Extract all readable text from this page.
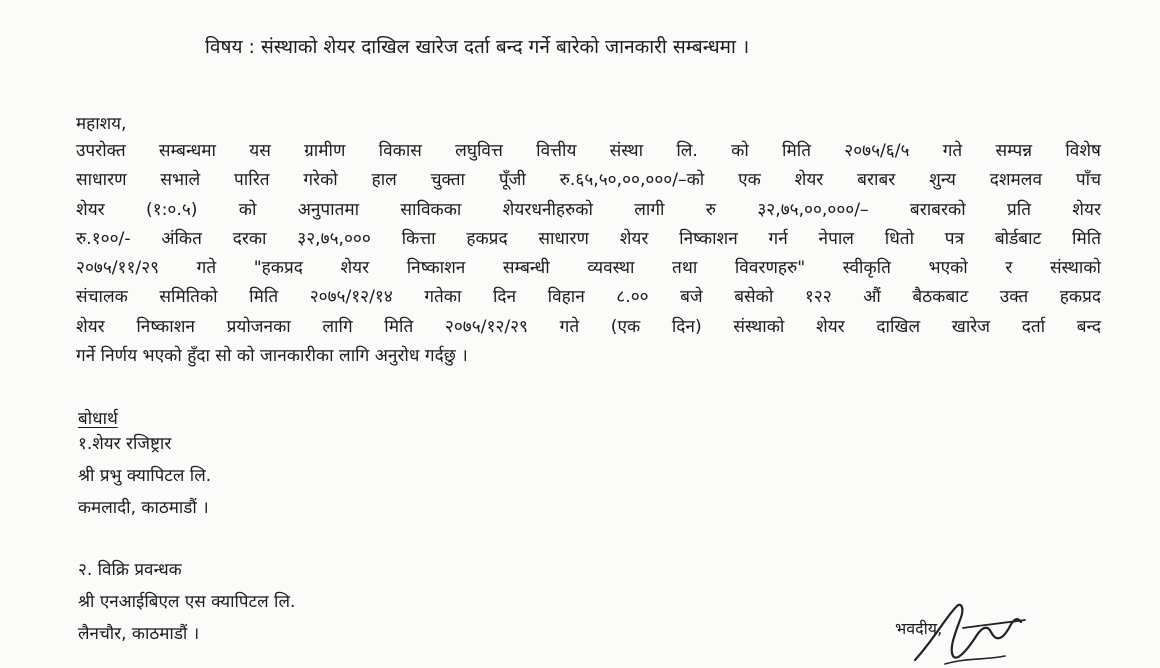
विषय : संस्थाको शेयर दाखिल खारेज दर्ता बन्द गर्ने बारेको जानकारी सम्बन्धमा ।
महाशय,
उपरोक्त सम्बन्धमा यस ग्रामीण विकास लघुवित्त वित्तीय संस्था लि. को मिति २०७५/६/५ गते सम्पन्न विशेष
साधारण सभाले पारित गरेको हाल चुक्ता पूँजी रु.६५,५०,००,०००/–को एक शेयर बराबर शुन्य दशमलव पाँच
शेयर (१:०.५) को अनुपातमा साविकका शेयरधनीहरुको लागी रु ३२,७५,००,०००/– बराबरको प्रति शेयर
रु.१००/- अंकित दरका ३२,७५,००० कित्ता हकप्रद साधारण शेयर निष्काशन गर्न नेपाल धितो पत्र बोर्डबाट मिति
२०७५/११/२९ गते "हकप्रद शेयर निष्काशन सम्बन्धी व्यवस्था तथा विवरणहरु" स्वीकृति भएको र संस्थाको
संचालक समितिको मिति २०७५/१२/१४ गतेका दिन विहान ८.०० बजे बसेको १२२ औं बैठकबाट उक्त हकप्रद
शेयर निष्काशन प्रयोजनका लागि मिति २०७५/१२/२९ गते (एक दिन) संस्थाको शेयर दाखिल खारेज दर्ता बन्द
गर्ने निर्णय भएको हुँदा सो को जानकारीका लागि अनुरोध गर्दछु ।
बोधार्थ
१.शेयर रजिष्ट्रार
श्री प्रभु क्यापिटल लि.
कमलादी, काठमाडौं ।
२. विक्रि प्रवन्धक
श्री एनआईबिएल एस क्यापिटल लि.
लैनचौर, काठमाडौं ।	भवदीय,
